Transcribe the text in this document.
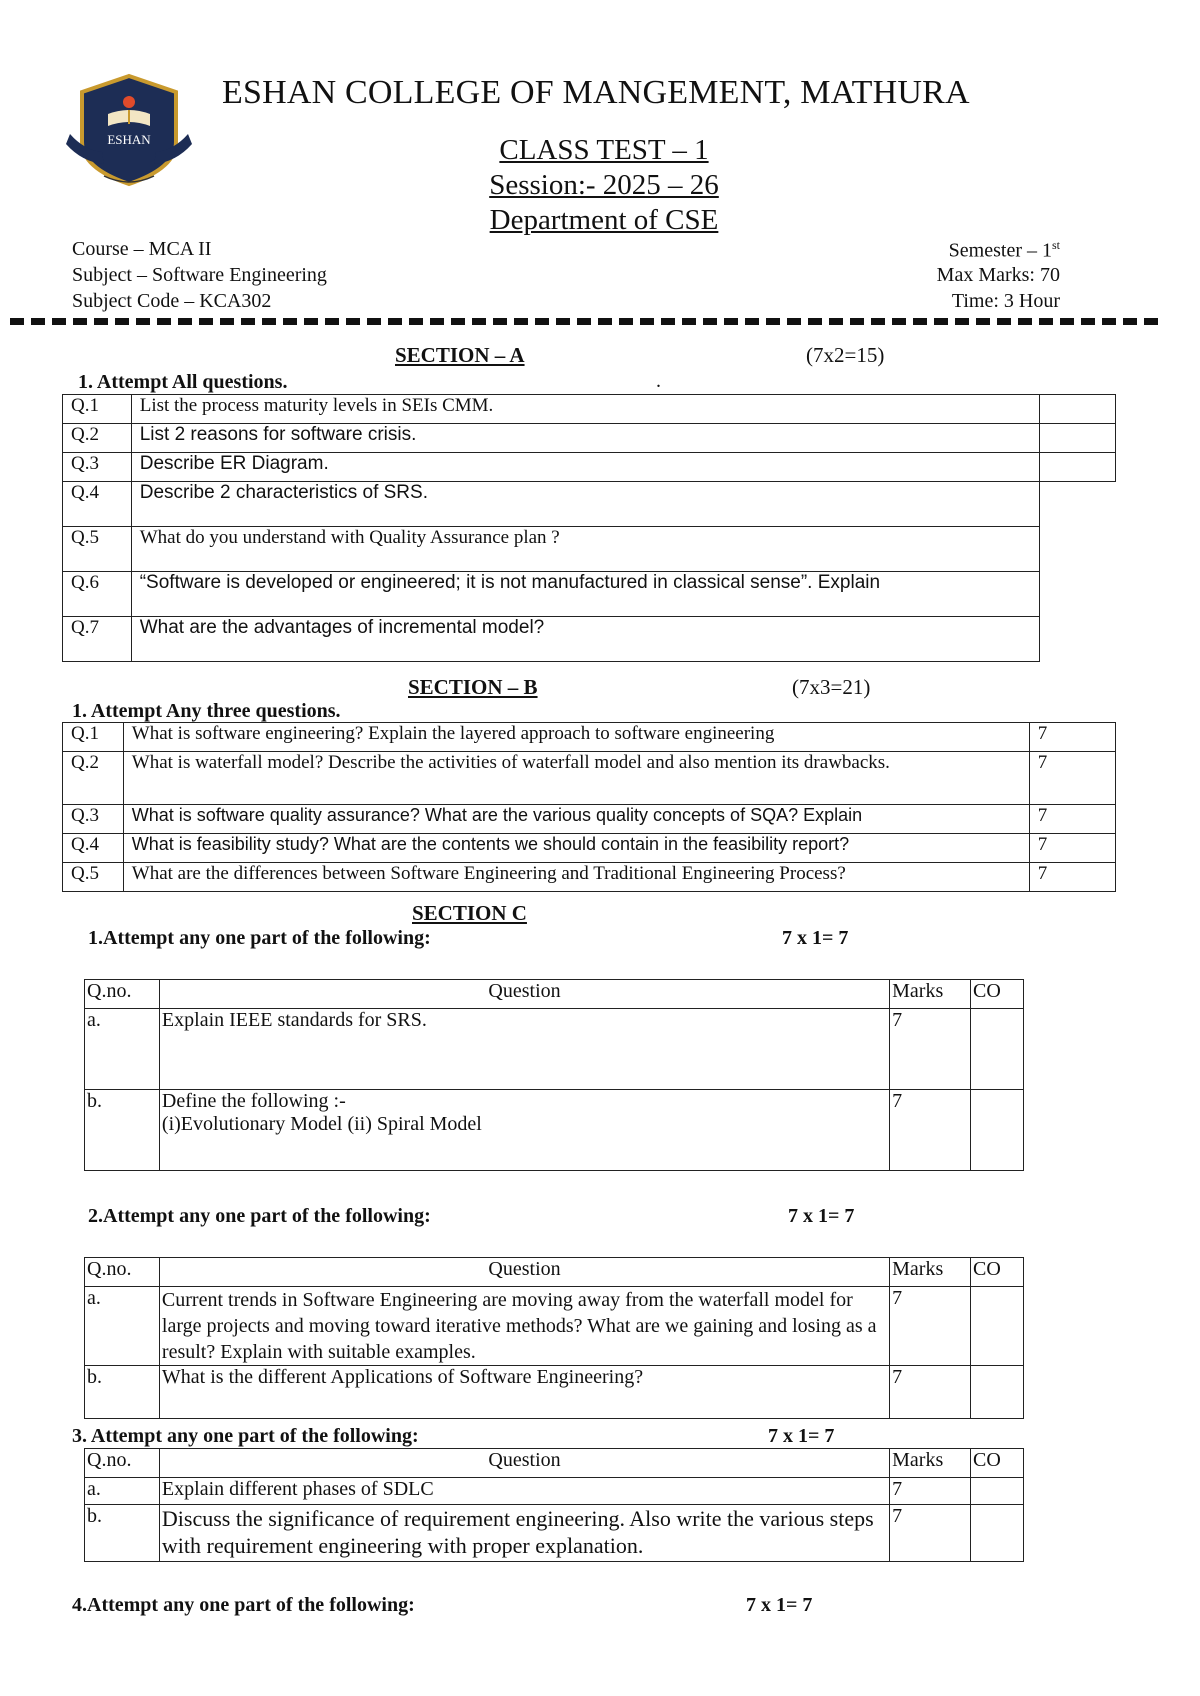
ESHAN
ESHAN COLLEGE OF MANGEMENT, MATHURA
CLASS TEST – 1
Session:- 2025 – 26
Department of CSE
Course – MCA II
Subject – Software Engineering
Subject Code – KCA302
Semester – 1st
Max Marks: 70
Time: 3 Hour
SECTION – A	(7x2=15)
1. Attempt All questions.	.
Q.1	List the process maturity levels in SEIs CMM.	
Q.2	List 2 reasons for software crisis.	
Q.3	Describe ER Diagram.	
Q.4	Describe 2 characteristics of SRS.	
Q.5	What do you understand with Quality Assurance plan ?	
Q.6	“Software is developed or engineered; it is not manufactured in classical sense”. Explain	
Q.7	What are the advantages of incremental model?	
SECTION – B	(7x3=21)
1. Attempt Any three questions.
Q.1	What is software engineering? Explain the layered approach to software engineering	7
Q.2	What is waterfall model? Describe the activities of waterfall model and also mention its drawbacks.	7
Q.3	What is software quality assurance? What are the various quality concepts of SQA? Explain	7
Q.4	What is feasibility study? What are the contents we should contain in the feasibility report?	7
Q.5	What are the differences between Software Engineering and Traditional Engineering Process?	7
SECTION C
1.Attempt any one part of the following:	7 x 1= 7
Q.no.	Question	Marks	CO
a.	Explain IEEE standards for SRS.	7	
b.	Define the following :-
(i)Evolutionary Model (ii) Spiral Model	7	
2.Attempt any one part of the following:	7 x 1= 7
Q.no.	Question	Marks	CO
a.	Current trends in Software Engineering are moving away from the waterfall model for large projects and moving toward iterative methods? What are we gaining and losing as a result? Explain with suitable examples.	7	
b.	What is the different Applications of Software Engineering?	7	
3. Attempt any one part of the following:	7 x 1= 7
Q.no.	Question	Marks	CO
a.	Explain different phases of SDLC	7	
b.	Discuss the significance of requirement engineering. Also write the various steps with requirement engineering with proper explanation.	7	
4.Attempt any one part of the following:	7 x 1= 7
